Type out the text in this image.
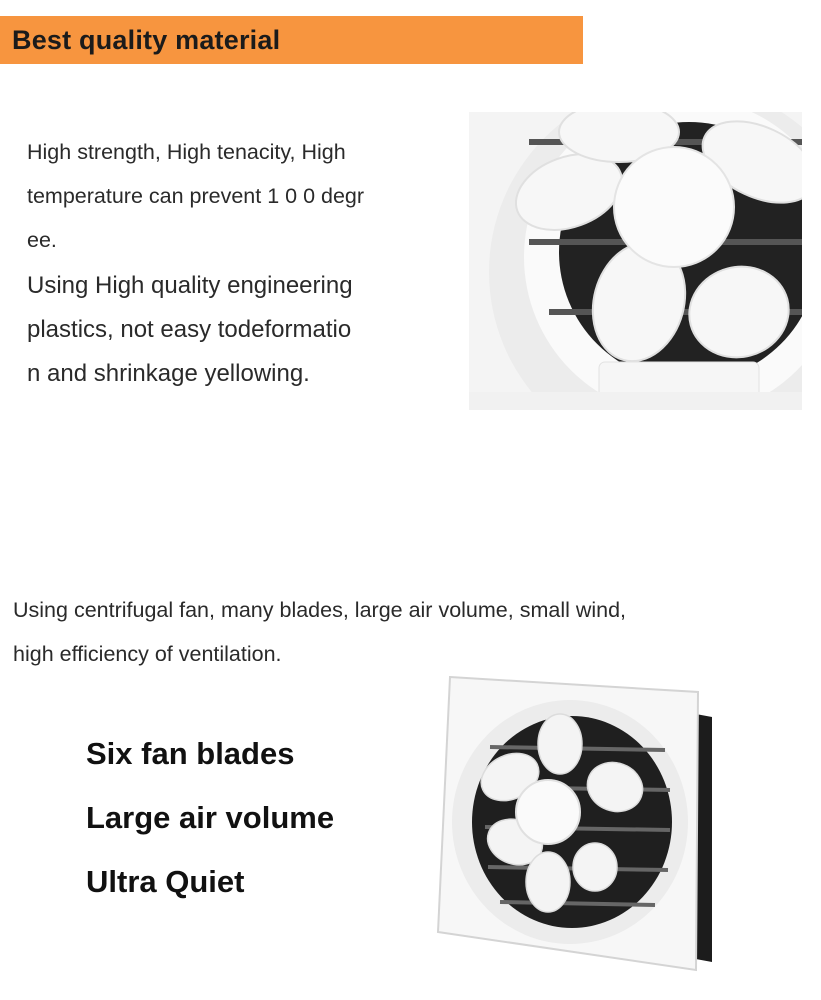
Best quality material

High strength, High tenacity, High

temperature can prevent 1 0 0 degr

ee.

Using High quality engineering

plastics, not easy todeformatio

n and shrinkage yellowing.

Using centrifugal fan, many blades, large air volume, small wind,

high efficiency of ventilation.

Six fan blades

Large air volume

Ultra Quiet
